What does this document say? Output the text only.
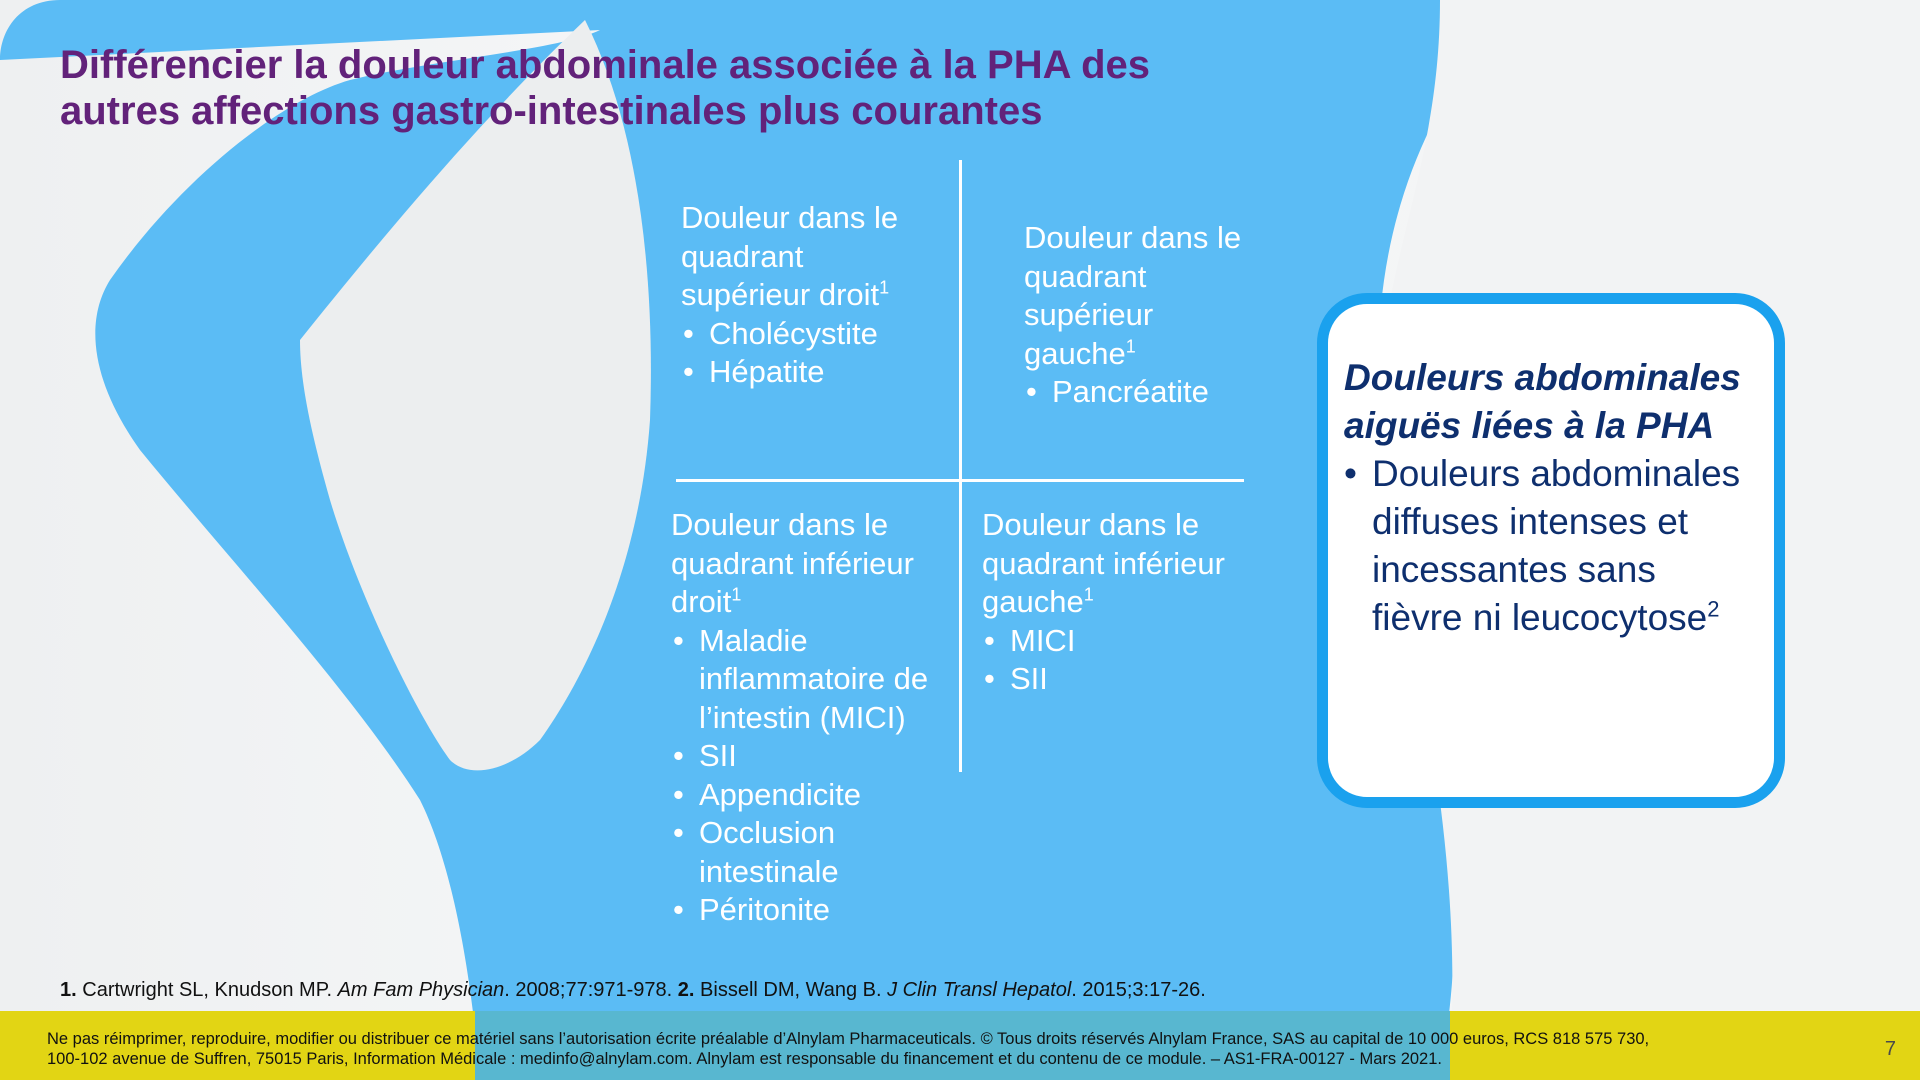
Différencier la douleur abdominale associée à la PHA des
autres affections gastro-intestinales plus courantes
Douleur dans le
quadrant
supérieur droit$^1$
• Cholécystite
• Hépatite
Douleur dans le
quadrant
supérieur
gauche$^1$
• Pancréatite
Douleur dans le
quadrant inférieur
droit$^1$
• Maladie inflammatoire de l’intestin (MICI)
• SII
• Appendicite
• Occlusion intestinale
• Péritonite
Douleur dans le
quadrant inférieur
gauche$^1$
• MICI
• SII
Douleurs abdominales aiguës liées à la PHA
• Douleurs abdominales diffuses intenses et incessantes sans fièvre ni leucocytose$^2$
1. Cartwright SL, Knudson MP. Am Fam Physician. 2008;77:971-978. 2. Bissell DM, Wang B. J Clin Transl Hepatol. 2015;3:17-26.
Ne pas réimprimer, reproduire, modifier ou distribuer ce matériel sans l’autorisation écrite préalable d’Alnylam Pharmaceuticals. © Tous droits réservés Alnylam France, SAS au capital de 10 000 euros, RCS 818 575 730,
100-102 avenue de Suffren, 75015 Paris, Information Médicale : medinfo@alnylam.com. Alnylam est responsable du financement et du contenu de ce module. – AS1-FRA-00127 - Mars 2021.	7
